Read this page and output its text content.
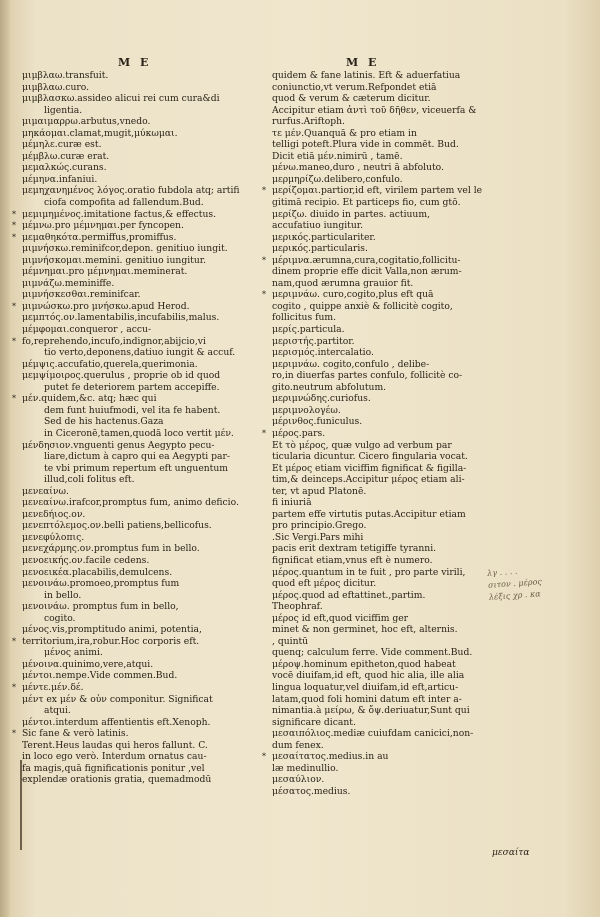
M E	M E
μιμβλαω.transfuit.
μιμβλαω.curo.
μιμβλασκω.assideo alicui rei cum cura&di
ligentia.
μιμαιμαρρω.arbutus,vnedo.
μηκάομαι.clamat,mugit,μύκωμαι.
μέμηλε.curæ est.
μέμβλω.curæ erat.
μεμαλκώς.curans.
μέμηνα.infaniui.
μεμηχανημένος λόγος.oratio fubdola atq; artifi
ciofa compofita ad fallendum.Bud.
* μεμιμημένος.imitatione factus,& effectus.
* μέμνω.pro μέμνημαι.per fyncopen.
* μεμαθηκότα.permiffus,promiffus.
μιμνήσκω.reminifcor,depon. genitiuo iungit.
μιμνήσκομαι.memini. genitiuo iungitur.
μέμνημαι.pro μέμνημαι.meminerat.
μιμνάζω.meminiffe.
μιμνήσκεσθαι.reminifcar.
* μιμνώσκω.pro μνήσκω.apud Herod.
μεμπτός.ον.lamentabilis,incufabilis,malus.
μέμφομαι.conqueror , accu-
* fo,reprehendo,incufo,indignor,abijcio,vi
tio verto,deponens,datiuo iungit & accuf.
μέμψις.accufatio,querela,querimonia.
μεμψίμοιρος.querulus , proprie ob id quod
putet fe deteriorem partem accepiffe.
* μέν.quidem,&c. atq; hæc qui
dem funt huiufmodi, vel ita fe habent.
Sed de his hactenus.Gaza
in Ciceronē,tamen,quodā loco vertit μέν.
μένδησιον.vnguenti genus Aegypto pecu-
liare,dictum à capro qui ea Aegypti par-
te vbi primum repertum eft unguentum
illud,coli folitus eft.
μενεαίνω.
μενεαίνω.irafcor,promptus fum, animo deficio.
μενεδήιος.ον.
μενεπτόλεμος.ον.belli patiens,bellicofus.
μενεφύλοπις.
μενεχάρμης.ον.promptus fum in bello.
μενοεικής.ον.facile cedens.
μενοεικέα.placabilis,demulcens.
μενοινάω.promoeo,promptus fum
in bello.
μενοινάω. promptus fum in bello,
cogito.
μένος.vis,promptitudo animi, potentia,
* territorium,ira,robur.Hoc corporis eft.
μένος animi.
μένοινα.quinimo,vere,atqui.
μέντοι.nempe.Vide commen.Bud.
* μέντε.μέν.δέ.
μέντ ex μέν & οὖν componitur. Significat
atqui.
μέντοι.interdum affentientis eft.Xenoph.
* Sic fane & verò latinis.
Terent.Heus laudas qui heros fallunt. C.
in loco ego verò. Interdum ornatus cau-
fa magis,quā fignificationis ponitur ,vel
explendæ orationis gratia, quemadmodū
quidem & fane latinis. Eft & aduerfatiua
coniunctio,vt verum.Refpondet etiā
quod & verum & cæterum dicitur.
Accipitur etiam ἀντὶ τοῦ δῆθεν, viceuerfa &
rurfus.Ariftoph.
τε μέν.Quanquā & pro etiam in
telligi poteft.Plura vide in commēt. Bud.
Dicit etiā μέν.nimirū , tamē.
μένω.maneo,duro , neutri ā abfoluto.
μερμηρίζω.delibero,confulo.
* μερίζομαι.partior,id eft, virilem partem vel le
gitimā recipio. Et particeps fio, cum gtō.
μερίζω. diuido in partes. actiuum,
accufatiuo iungitur.
μερικός.particulariter.
μερικός.particularis.
* μέριμνα.ærumna,cura,cogitatio,follicitu-
dinem proprie effe dicit Valla,non ærum-
nam,quod ærumna grauior fit.
* μεριμνάω. curo,cogito,plus eft quā
cogito , quippe anxiè & follicitè cogito,
follicitus fum.
μερίς.particula.
μεριστής.partitor.
μερισμός.intercalatio.
μεριμνάω. cogito,confulo , delibe-
ro,in diuerfas partes confulo, follicitè co-
gito.neutrum abfolutum.
μεριμνώδης.curiofus.
μεριμνολογέω.
μέρινθος.funiculus.
* μέρος.pars.
Et τὸ μέρος, quæ vulgo ad verbum par
ticularia dicuntur. Cicero fingularia vocat.
Et μέρος etiam viciffim fignificat & figilla-
tim,& deinceps.Accipitur μέρος etiam ali-
ter, vt apud Platonē.
fi iniuriā
partem effe virtutis putas.Accipitur etiam
pro principio.Grego.
.Sic Vergi.Pars mihi
pacis erit dextram tetigiffe tyranni.
fignificat etiam,vnus eft è numero.
μέρος.quantum in te fuit , pro parte virili,
quod eft μέρος dicitur.
μέρος.quod ad eftattinet.,partim.
Theophraf.
μέρος id eft,quod viciffim ger
minet & non germinet, hoc eft, alternis.
, quintū
quenq; calculum ferre. Vide comment.Bud.
μέροψ.hominum epitheton,quod habeat
vocē diuifam,id eft, quod hic alia, ille alia
lingua loquatur,vel diuifam,id eft,articu-
latam,quod foli homini datum eft inter a-
nimantia.à μείρω, & ὄψ.deriuatur,Sunt qui
significare dicant.
μεσαιπόλιος.mediæ cuiufdam canicici,non-
dum fenex.
* μεσαίτατος.medius.in au
læ medinullio.
μεσαύλιον.
μέσατος.medius.
λγ . . . .
σιτον . μέρος
λέξις χρ . κα
μεσαίτα
